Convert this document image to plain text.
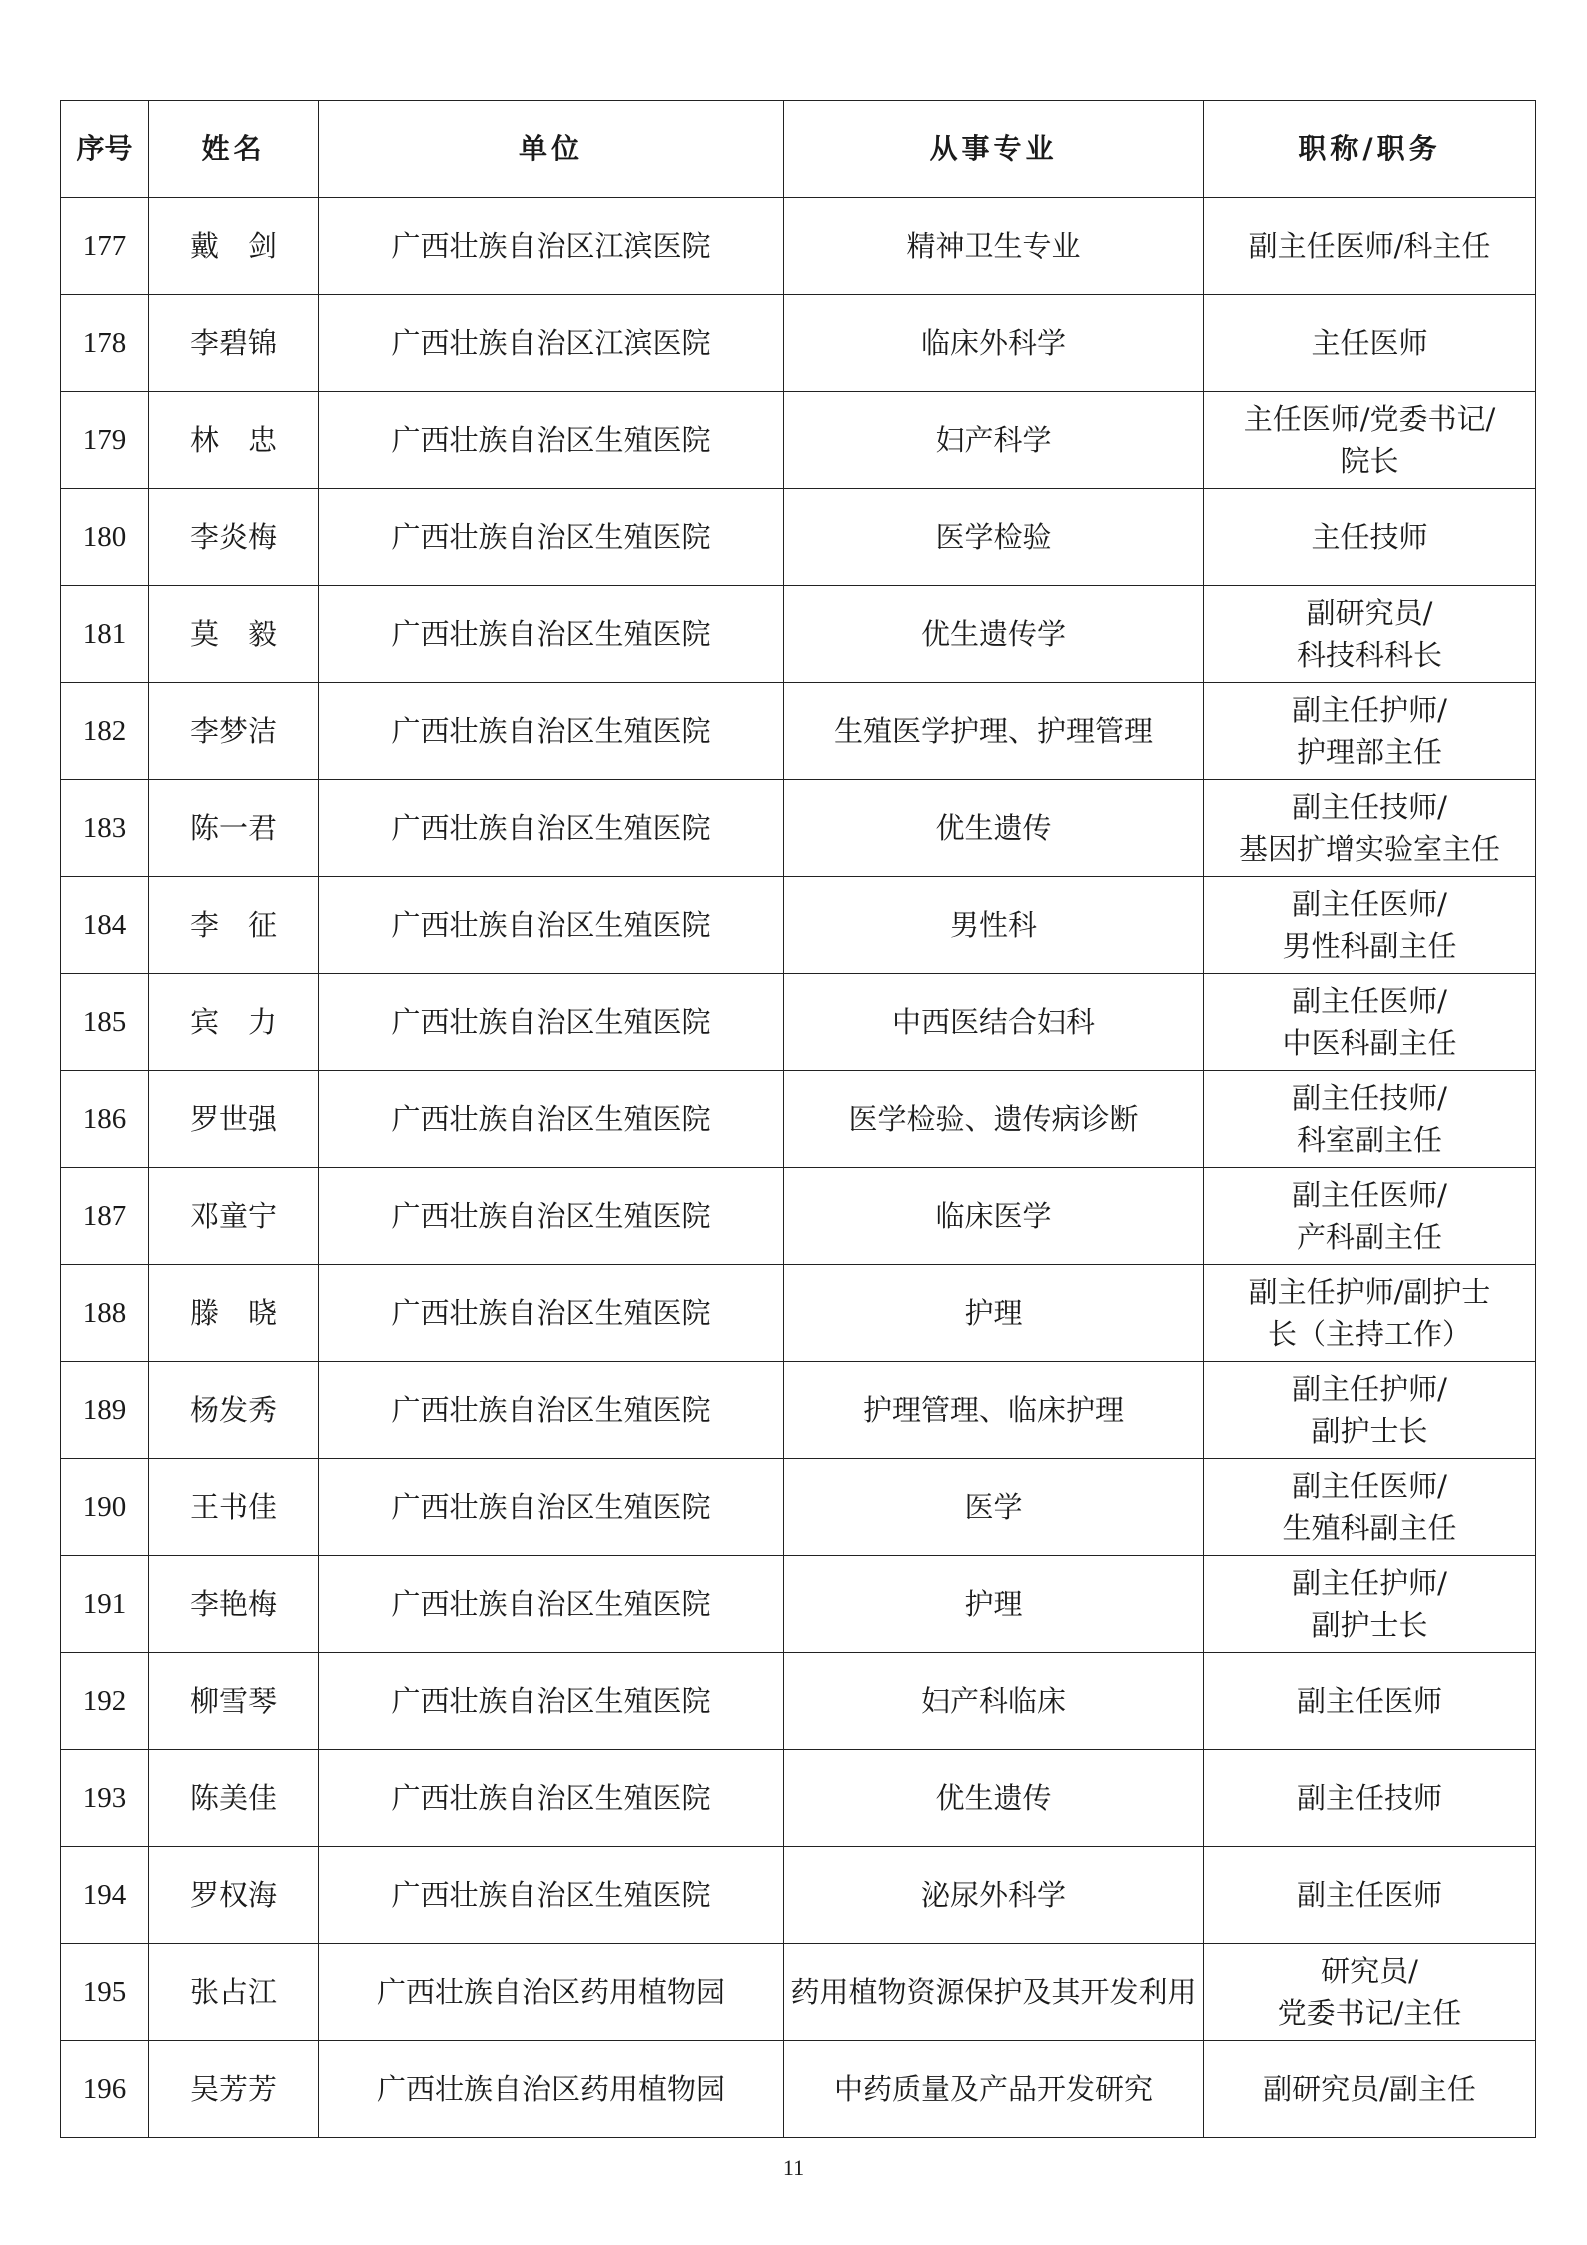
序号	姓名	单位	从事专业	职称/职务
177	戴　剑	广西壮族自治区江滨医院	精神卫生专业	副主任医师/科主任

178	李碧锦	广西壮族自治区江滨医院	临床外科学	主任医师

179	林　忠	广西壮族自治区生殖医院	妇产科学	主任医师/党委书记/
院长

180	李炎梅	广西壮族自治区生殖医院	医学检验	主任技师

181	莫　毅	广西壮族自治区生殖医院	优生遗传学	副研究员/
科技科科长

182	李梦洁	广西壮族自治区生殖医院	生殖医学护理、护理管理	副主任护师/
护理部主任

183	陈一君	广西壮族自治区生殖医院	优生遗传	副主任技师/
基因扩增实验室主任

184	李　征	广西壮族自治区生殖医院	男性科	副主任医师/
男性科副主任

185	宾　力	广西壮族自治区生殖医院	中西医结合妇科	副主任医师/
中医科副主任

186	罗世强	广西壮族自治区生殖医院	医学检验、遗传病诊断	副主任技师/
科室副主任

187	邓童宁	广西壮族自治区生殖医院	临床医学	副主任医师/
产科副主任

188	滕　晓	广西壮族自治区生殖医院	护理	副主任护师/副护士
长（主持工作）

189	杨发秀	广西壮族自治区生殖医院	护理管理、临床护理	副主任护师/
副护士长

190	王书佳	广西壮族自治区生殖医院	医学	副主任医师/
生殖科副主任

191	李艳梅	广西壮族自治区生殖医院	护理	副主任护师/
副护士长

192	柳雪琴	广西壮族自治区生殖医院	妇产科临床	副主任医师

193	陈美佳	广西壮族自治区生殖医院	优生遗传	副主任技师

194	罗权海	广西壮族自治区生殖医院	泌尿外科学	副主任医师

195	张占江	广西壮族自治区药用植物园	药用植物资源保护及其开发利用	研究员/
党委书记/主任

196	吴芳芳	广西壮族自治区药用植物园	中药质量及产品开发研究	副研究员/副主任
11
